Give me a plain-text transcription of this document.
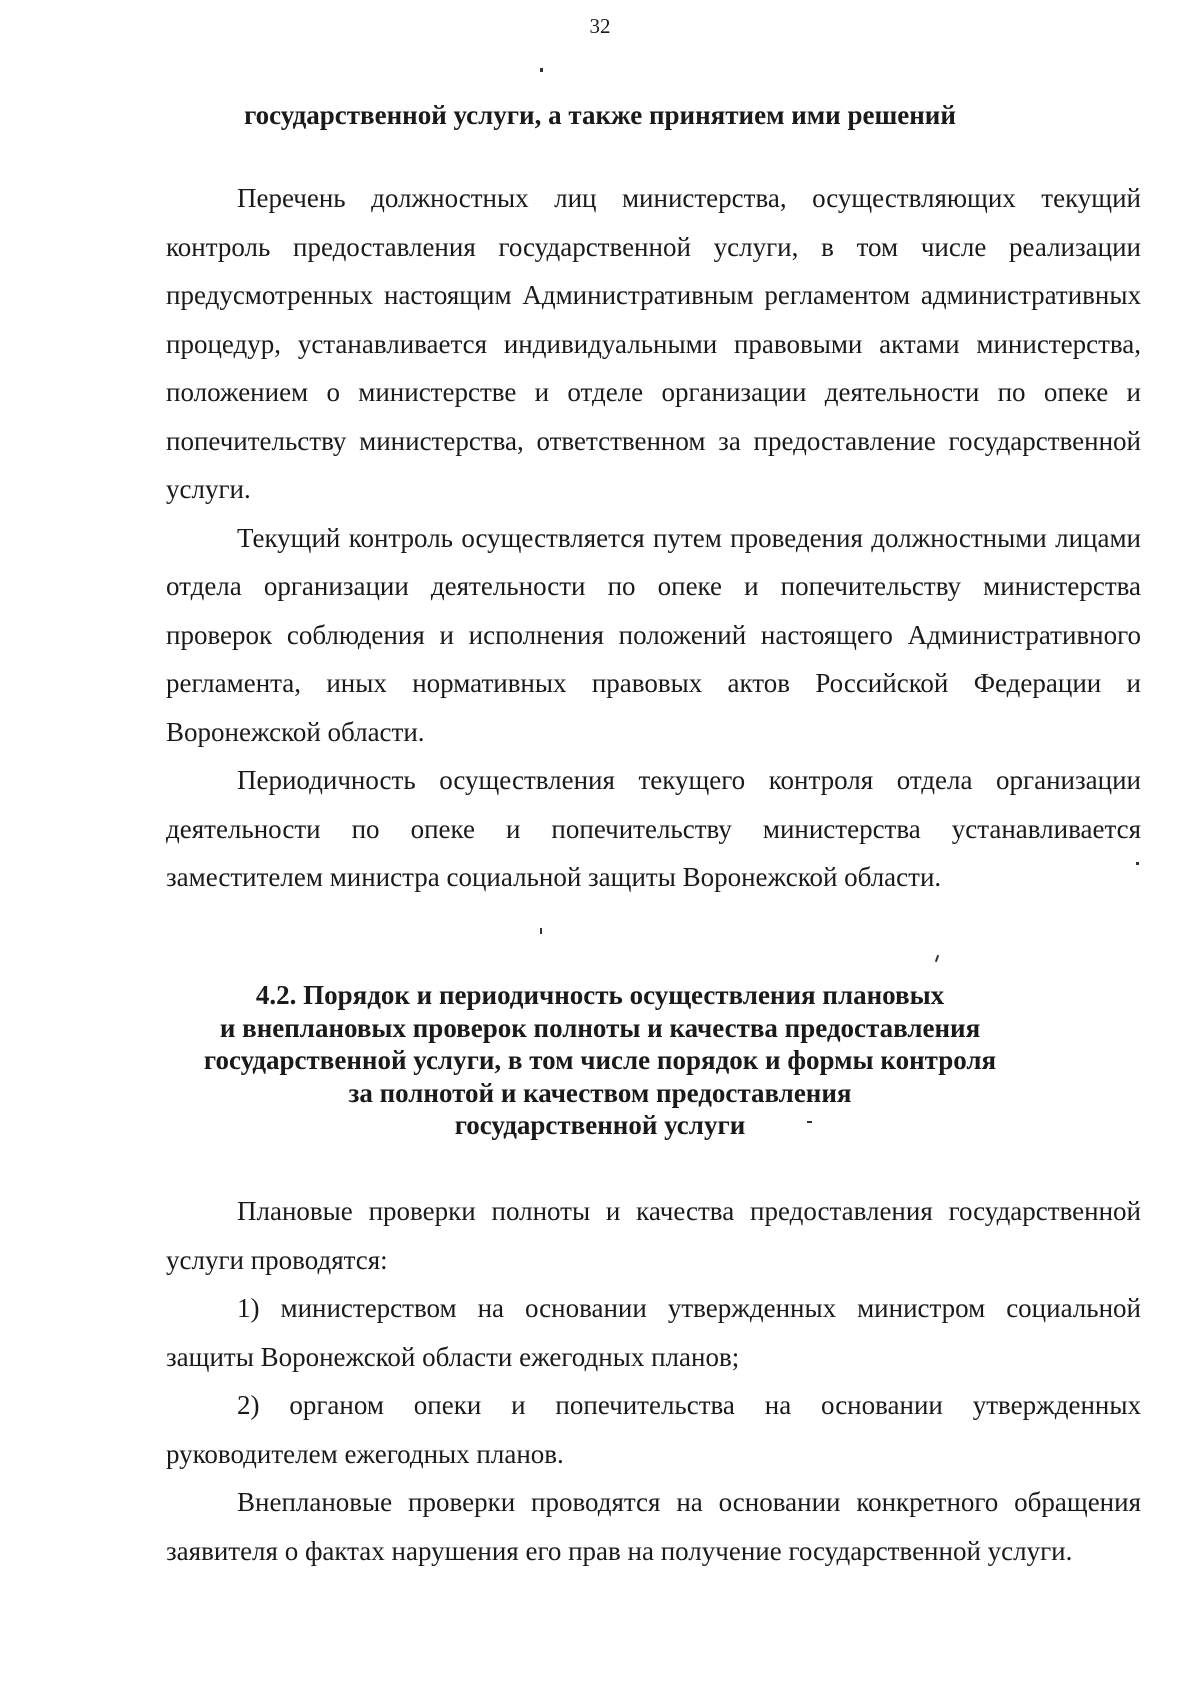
32
государственной услуги, а также принятием ими решений

Перечень должностных лиц министерства, осуществляющих текущий контроль предоставления государственной услуги, в том числе реализации предусмотренных настоящим Административным регламентом административных процедур, устанавливается индивидуальными правовыми актами министерства, положением о министерстве и отделе организации деятельности по опеке и попечительству министерства, ответственном за предоставление государственной услуги.

Текущий контроль осуществляется путем проведения должностными лицами отдела организации деятельности по опеке и попечительству министерства проверок соблюдения и исполнения положений настоящего Административного регламента, иных нормативных правовых актов Российской Федерации и Воронежской области.

Периодичность осуществления текущего контроля отдела организации деятельности по опеке и попечительству министерства устанавливается заместителем министра социальной защиты Воронежской области.

4.2. Порядок и периодичность осуществления плановых
и внеплановых проверок полноты и качества предоставления
государственной услуги, в том числе порядок и формы контроля
за полнотой и качеством предоставления
государственной услуги

Плановые проверки полноты и качества предоставления государственной услуги проводятся:

1) министерством на основании утвержденных министром социальной защиты Воронежской области ежегодных планов;

2) органом опеки и попечительства на основании утвержденных руководителем ежегодных планов.

Внеплановые проверки проводятся на основании конкретного обращения заявителя о фактах нарушения его прав на получение государственной услуги.
